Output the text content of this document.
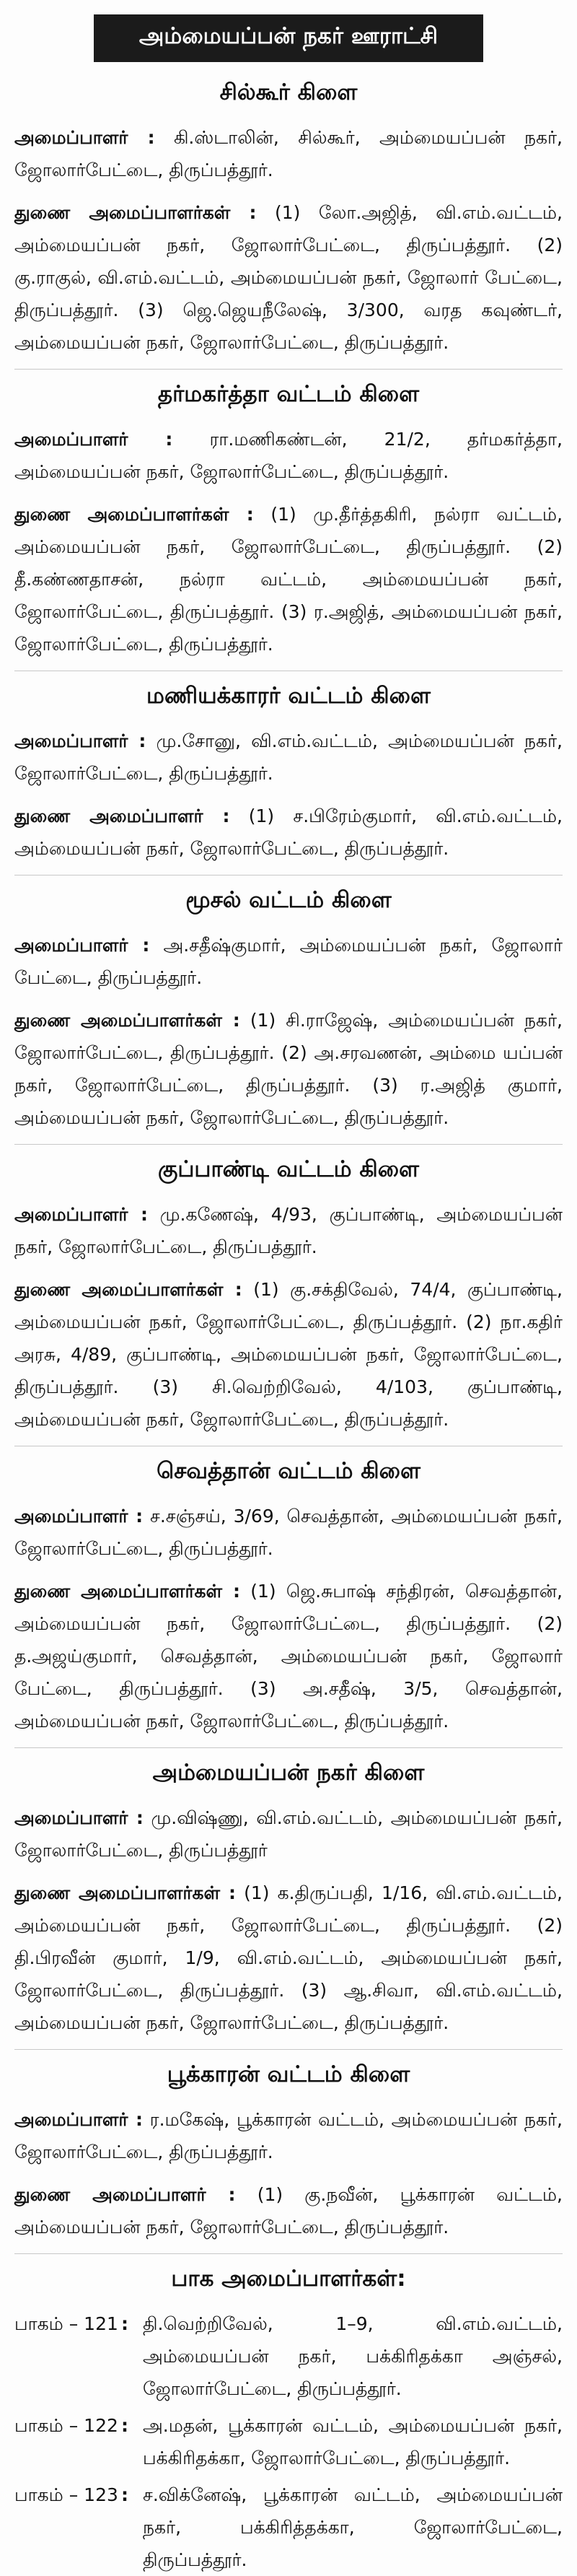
அம்மையப்பன் நகர் ஊராட்சி
சில்கூர் கிளை

அமைப்பாளர் : கி.ஸ்டாலின், சில்கூர், அம்மையப்பன் நகர், ஜோலார்பேட்டை, திருப்பத்தூர்.

துணை அமைப்பாளர்கள் : (1) லோ.அஜித், வி.எம்.வட்டம், அம்மையப்பன் நகர், ஜோலார்பேட்டை, திருப்பத்தூர். (2) கு.ராகுல், வி.எம்.வட்டம், அம்மையப்பன் நகர், ஜோலார் பேட்டை, திருப்பத்தூர். (3) ஜெ.ஜெயநீலேஷ், 3/300, வரத கவுண்டர், அம்மையப்பன் நகர், ஜோலார்பேட்டை, திருப்பத்தூர்.

தர்மகர்த்தா வட்டம் கிளை

அமைப்பாளர் : ரா.மணிகண்டன், 21/2, தர்மகர்த்தா, அம்மையப்பன் நகர், ஜோலார்பேட்டை, திருப்பத்தூர்.

துணை அமைப்பாளர்கள் : (1) மு.தீர்த்தகிரி, நல்ரா வட்டம், அம்மையப்பன் நகர், ஜோலார்பேட்டை, திருப்பத்தூர். (2) தீ.கண்ணதாசன், நல்ரா வட்டம், அம்மையப்பன் நகர், ஜோலார்பேட்டை, திருப்பத்தூர். (3) ர.அஜித், அம்மையப்பன் நகர், ஜோலார்பேட்டை, திருப்பத்தூர்.

மணியக்காரர் வட்டம் கிளை

அமைப்பாளர் : மு.சோனு, வி.எம்.வட்டம், அம்மையப்பன் நகர், ஜோலார்பேட்டை, திருப்பத்தூர்.

துணை அமைப்பாளர் : (1) ச.பிரேம்குமார், வி.எம்.வட்டம், அம்மையப்பன் நகர், ஜோலார்பேட்டை, திருப்பத்தூர்.

மூசல் வட்டம் கிளை

அமைப்பாளர் : அ.சதீஷ்குமார், அம்மையப்பன் நகர், ஜோலார் பேட்டை, திருப்பத்தூர்.

துணை அமைப்பாளர்கள் : (1) சி.ராஜேஷ், அம்மையப்பன் நகர், ஜோலார்பேட்டை, திருப்பத்தூர். (2) அ.சரவணன், அம்மை யப்பன் நகர், ஜோலார்பேட்டை, திருப்பத்தூர். (3) ர.அஜித் குமார், அம்மையப்பன் நகர், ஜோலார்பேட்டை, திருப்பத்தூர்.

குப்பாண்டி வட்டம் கிளை

அமைப்பாளர் : மு.கணேஷ், 4/93, குப்பாண்டி, அம்மையப்பன் நகர், ஜோலார்பேட்டை, திருப்பத்தூர்.

துணை அமைப்பாளர்கள் : (1) கு.சக்திவேல், 74/4, குப்பாண்டி, அம்மையப்பன் நகர், ஜோலார்பேட்டை, திருப்பத்தூர். (2) நா.கதிர் அரசு, 4/89, குப்பாண்டி, அம்மையப்பன் நகர், ஜோலார்பேட்டை, திருப்பத்தூர். (3) சி.வெற்றிவேல், 4/103, குப்பாண்டி, அம்மையப்பன் நகர், ஜோலார்பேட்டை, திருப்பத்தூர்.

செவத்தான் வட்டம் கிளை

அமைப்பாளர் : ச.சஞ்சய், 3/69, செவத்தான், அம்மையப்பன் நகர், ஜோலார்பேட்டை, திருப்பத்தூர்.

துணை அமைப்பாளர்கள் : (1) ஜெ.சுபாஷ் சந்திரன், செவத்தான், அம்மையப்பன் நகர், ஜோலார்பேட்டை, திருப்பத்தூர். (2) த.அஜய்குமார், செவத்தான், அம்மையப்பன் நகர், ஜோலார் பேட்டை, திருப்பத்தூர். (3) அ.சதீஷ், 3/5, செவத்தான், அம்மையப்பன் நகர், ஜோலார்பேட்டை, திருப்பத்தூர்.

அம்மையப்பன் நகர் கிளை

அமைப்பாளர் : மு.விஷ்ணு, வி.எம்.வட்டம், அம்மையப்பன் நகர், ஜோலார்பேட்டை, திருப்பத்தூர்

துணை அமைப்பாளர்கள் : (1) க.திருப்பதி, 1/16, வி.எம்.வட்டம், அம்மையப்பன் நகர், ஜோலார்பேட்டை, திருப்பத்தூர். (2) தி.பிரவீன் குமார், 1/9, வி.எம்.வட்டம், அம்மையப்பன் நகர், ஜோலார்பேட்டை, திருப்பத்தூர். (3) ஆ.சிவா, வி.எம்.வட்டம், அம்மையப்பன் நகர், ஜோலார்பேட்டை, திருப்பத்தூர்.

பூக்காரன் வட்டம் கிளை

அமைப்பாளர் : ர.மகேஷ், பூக்காரன் வட்டம், அம்மையப்பன் நகர், ஜோலார்பேட்டை, திருப்பத்தூர்.

துணை அமைப்பாளர் : (1) கு.நவீன், பூக்காரன் வட்டம், அம்மையப்பன் நகர், ஜோலார்பேட்டை, திருப்பத்தூர்.

பாக அமைப்பாளர்கள்:
பாகம் – 121 : தி.வெற்றிவேல், 1–9, வி.எம்.வட்டம், அம்மையப்பன் நகர், பக்கிரிதக்கா அஞ்சல், ஜோலார்பேட்டை, திருப்பத்தூர்.
பாகம் – 122 : அ.மதன், பூக்காரன் வட்டம், அம்மையப்பன் நகர், பக்கிரிதக்கா, ஜோலார்பேட்டை, திருப்பத்தூர்.
பாகம் – 123 : ச.விக்னேஷ், பூக்காரன் வட்டம், அம்மையப்பன் நகர், பக்கிரித்தக்கா, ஜோலார்பேட்டை, திருப்பத்தூர்.
